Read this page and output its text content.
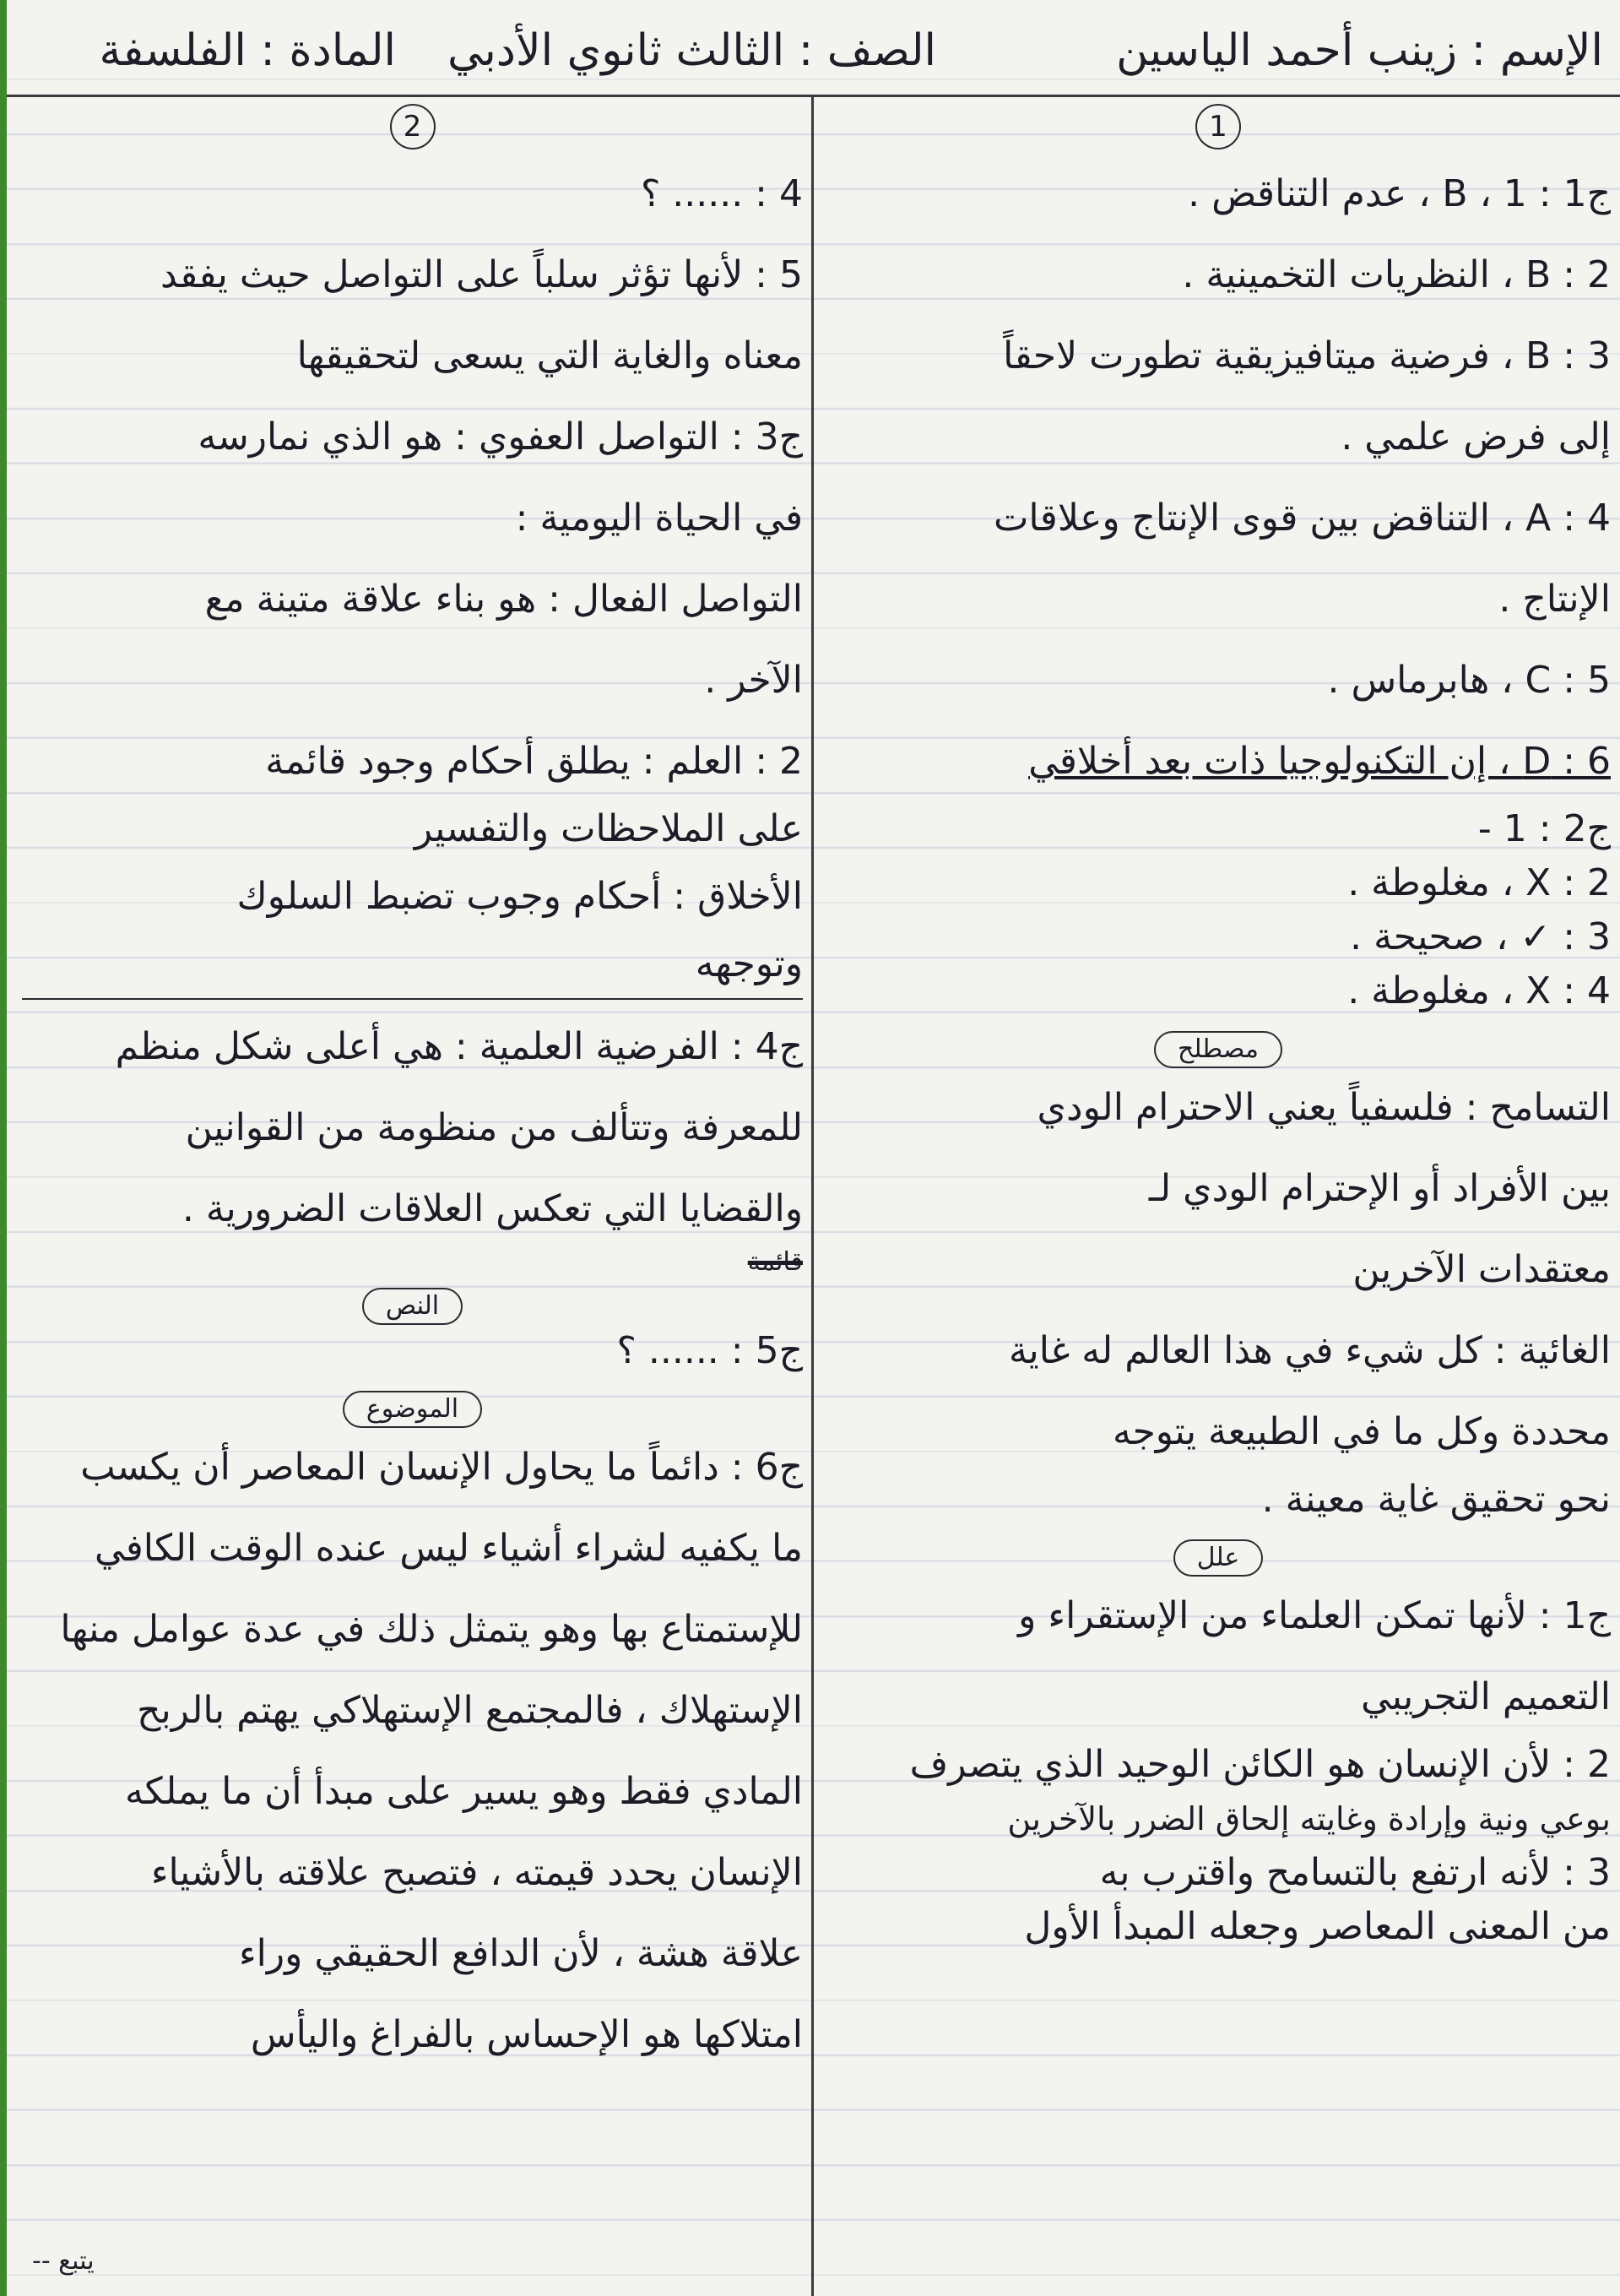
الإسم : زينب أحمد الياسين
الصف : الثالث ثانوي الأدبي
المادة : الفلسفة
1
ج1 : 1 ، B ، عدم التناقض .
2 : B ، النظريات التخمينية .
3 : B ، فرضية ميتافيزيقية تطورت لاحقاً
إلى فرض علمي .
4 : A ، التناقض بين قوى الإنتاج وعلاقات
الإنتاج .
5 : C ، هابرماس .
6 : D ، إن التكنولوجيا ذات بعد أخلاقي
ج2 : 1 -
2 : X ، مغلوطة .
3 : ✓ ، صحيحة .
4 : X ، مغلوطة .
مصطلح
التسامح : فلسفياً يعني الاحترام الودي
بين الأفراد أو الإحترام الودي لـ
معتقدات الآخرين
الغائية : كل شيء في هذا العالم له غاية
محددة وكل ما في الطبيعة يتوجه
نحو تحقيق غاية معينة .
علل
ج1 : لأنها تمكن العلماء من الإستقراء و
التعميم التجريبي
2 : لأن الإنسان هو الكائن الوحيد الذي يتصرف
بوعي ونية وإرادة وغايته إلحاق الضرر بالآخرين
3 : لأنه ارتفع بالتسامح واقترب به
من المعنى المعاصر وجعله المبدأ الأول
2
4 : ...... ؟
5 : لأنها تؤثر سلباً على التواصل حيث يفقد
معناه والغاية التي يسعى لتحقيقها
ج3 : التواصل العفوي : هو الذي نمارسه
في الحياة اليومية :
التواصل الفعال : هو بناء علاقة متينة مع
الآخر .
2 : العلم : يطلق أحكام وجود قائمة
على الملاحظات والتفسير
الأخلاق : أحكام وجوب تضبط السلوك
وتوجهه
ج4 : الفرضية العلمية : هي أعلى شكل منظم
للمعرفة وتتألف من منظومة من القوانين
والقضايا التي تعكس العلاقات الضرورية .
قائمة
النص
ج5 : ...... ؟
الموضوع
ج6 : دائماً ما يحاول الإنسان المعاصر أن يكسب
ما يكفيه لشراء أشياء ليس عنده الوقت الكافي
للإستمتاع بها وهو يتمثل ذلك في عدة عوامل منها
الإستهلاك ، فالمجتمع الإستهلاكي يهتم بالربح
المادي فقط وهو يسير على مبدأ أن ما يملكه
الإنسان يحدد قيمته ، فتصبح علاقته بالأشياء
علاقة هشة ، لأن الدافع الحقيقي وراء
امتلاكها هو الإحساس بالفراغ واليأس
يتبع --
